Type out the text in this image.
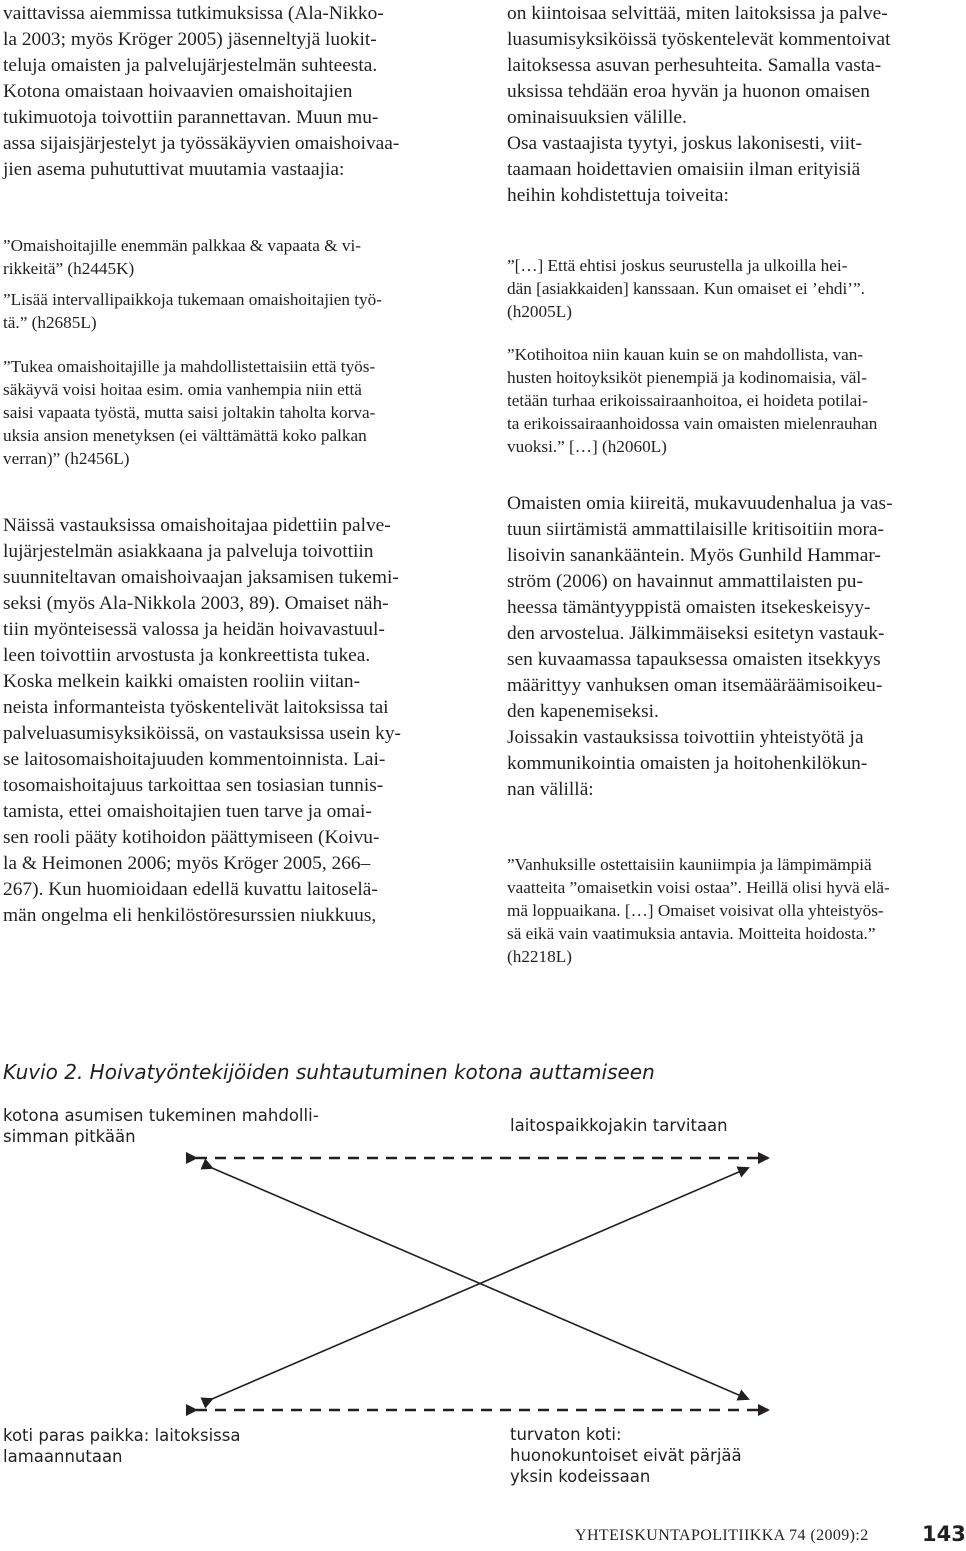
vaittavissa aiemmissa tutkimuksissa (Ala-Nikko-
la 2003; myös Kröger 2005) jäsenneltyjä luokit-
teluja omaisten ja palvelujärjestelmän suhteesta.
Kotona omaistaan hoivaavien omaishoitajien
tukimuotoja toivottiin parannettavan. Muun mu-
assa sijaisjärjestelyt ja työssäkäyvien omaishoivaa-
jien asema puhututtivat muutamia vastaajia:
”Omaishoitajille enemmän palkkaa & vapaata & vi-
rikkeitä” (h2445K)
”Lisää intervallipaikkoja tukemaan omaishoitajien työ-
tä.” (h2685L)
”Tukea omaishoitajille ja mahdollistettaisiin että työs-
säkäyvä voisi hoitaa esim. omia vanhempia niin että
saisi vapaata työstä, mutta saisi joltakin taholta korva-
uksia ansion menetyksen (ei välttämättä koko palkan
verran)” (h2456L)
Näissä vastauksissa omaishoitajaa pidettiin palve-
lujärjestelmän asiakkaana ja palveluja toivottiin
suunniteltavan omaishoivaajan jaksamisen tukemi-
seksi (myös Ala-Nikkola 2003, 89). Omaiset näh-
tiin myönteisessä valossa ja heidän hoivavastuul-
leen toivottiin arvostusta ja konkreettista tukea.
Koska melkein kaikki omaisten rooliin viitan-
neista informanteista työskentelivät laitoksissa tai
palveluasumisyksiköissä, on vastauksissa usein ky-
se laitosomaishoitajuuden kommentoinnista. Lai-
tosomaishoitajuus tarkoittaa sen tosiasian tunnis-
tamista, ettei omaishoitajien tuen tarve ja omai-
sen rooli pääty kotihoidon päättymiseen (Koivu-
la & Heimonen 2006; myös Kröger 2005, 266–
267). Kun huomioidaan edellä kuvattu laitoselä-
män ongelma eli henkilöstöresurssien niukkuus,
on kiintoisaa selvittää, miten laitoksissa ja palve-
luasumisyksiköissä työskentelevät kommentoivat
laitoksessa asuvan perhesuhteita. Samalla vasta-
uksissa tehdään eroa hyvän ja huonon omaisen
ominaisuuksien välille.
Osa vastaajista tyytyi, joskus lakonisesti, viit-
taamaan hoidettavien omaisiin ilman erityisiä
heihin kohdistettuja toiveita:
”[…] Että ehtisi joskus seurustella ja ulkoilla hei-
dän [asiakkaiden] kanssaan. Kun omaiset ei ’ehdi’”.
(h2005L)
”Kotihoitoa niin kauan kuin se on mahdollista, van-
husten hoitoyksiköt pienempiä ja kodinomaisia, väl-
tetään turhaa erikoissairaanhoitoa, ei hoideta potilai-
ta erikoissairaanhoidossa vain omaisten mielenrauhan
vuoksi.” […] (h2060L)
Omaisten omia kiireitä, mukavuudenhalua ja vas-
tuun siirtämistä ammattilaisille kritisoitiin mora-
lisoivin sanankääntein. Myös Gunhild Hammar-
ström (2006) on havainnut ammattilaisten pu-
heessa tämäntyyppistä omaisten itsekeskeisyy-
den arvostelua. Jälkimmäiseksi esitetyn vastauk-
sen kuvaamassa tapauksessa omaisten itsekkyys
määrittyy vanhuksen oman itsemääräämisoikeu-
den kapenemiseksi.
Joissakin vastauksissa toivottiin yhteistyötä ja
kommunikointia omaisten ja hoitohenkilökun-
nan välillä:
”Vanhuksille ostettaisiin kauniimpia ja lämpimämpiä
vaatteita ”omaisetkin voisi ostaa”. Heillä olisi hyvä elä-
mä loppuaikana. […] Omaiset voisivat olla yhteistyös-
sä eikä vain vaatimuksia antavia. Moitteita hoidosta.”
(h2218L)
Kuvio 2. Hoivatyöntekijöiden suhtautuminen kotona auttamiseen
kotona asumisen tukeminen mahdolli-
simman pitkään
laitospaikkojakin tarvitaan
koti paras paikka: laitoksissa
lamaannutaan
turvaton koti:
huonokuntoiset eivät pärjää
yksin kodeissaan
YHTEISKUNTAPOLITIIKKA 74 (2009):2	143
